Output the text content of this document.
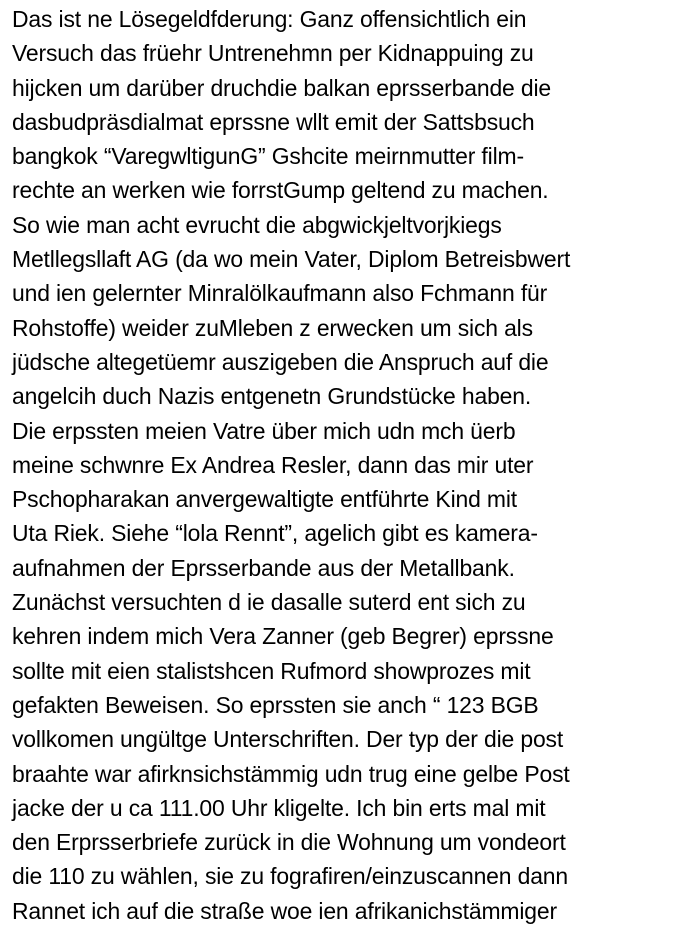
Das ist ne Lösegeldfderung: Ganz offensichtlich ein
Versuch das früehr Untrenehmn per Kidnappuing zu
hijcken um darüber druchdie balkan eprsserbande die
dasbudpräsdialmat eprssne wllt emit der Sattsbsuch
bangkok “VaregwltigunG” Gshcite meirnmutter film-
rechte an werken wie forrstGump geltend zu machen.
So wie man acht evrucht die abgwickjeltvorjkiegs
Metllegsllaft AG (da wo mein Vater, Diplom Betreisbwert
und ien gelernter Minralölkaufmann also Fchmann für
Rohstoffe) weider zuMleben z erwecken um sich als
jüdsche altegetüemr auszigeben die Anspruch auf die
angelcih duch Nazis entgenetn Grundstücke haben.
Die erpssten meien Vatre über mich udn mch üerb
meine schwnre Ex Andrea Resler, dann das mir uter
Pschopharakan anvergewaltigte entführte Kind mit
Uta Riek. Siehe “lola Rennt”, agelich gibt es kamera-
aufnahmen der Eprsserbande aus der Metallbank.
Zunächst versuchten d ie dasalle suterd ent sich zu
kehren indem mich Vera Zanner (geb Begrer) eprssne
sollte mit eien stalistshcen Rufmord showprozes mit
gefakten Beweisen. So eprssten sie anch “ 123 BGB
vollkomen ungültge Unterschriften. Der typ der die post
braahte war afirknsichstämmig udn trug eine gelbe Post
jacke der u ca 111.00 Uhr kligelte. Ich bin erts mal mit
den Erprsserbriefe zurück in die Wohnung um vondeort
die 110 zu wählen, sie zu fografiren/einzuscannen dann
Rannet ich auf die straße woe ien afrikanichstämmiger
